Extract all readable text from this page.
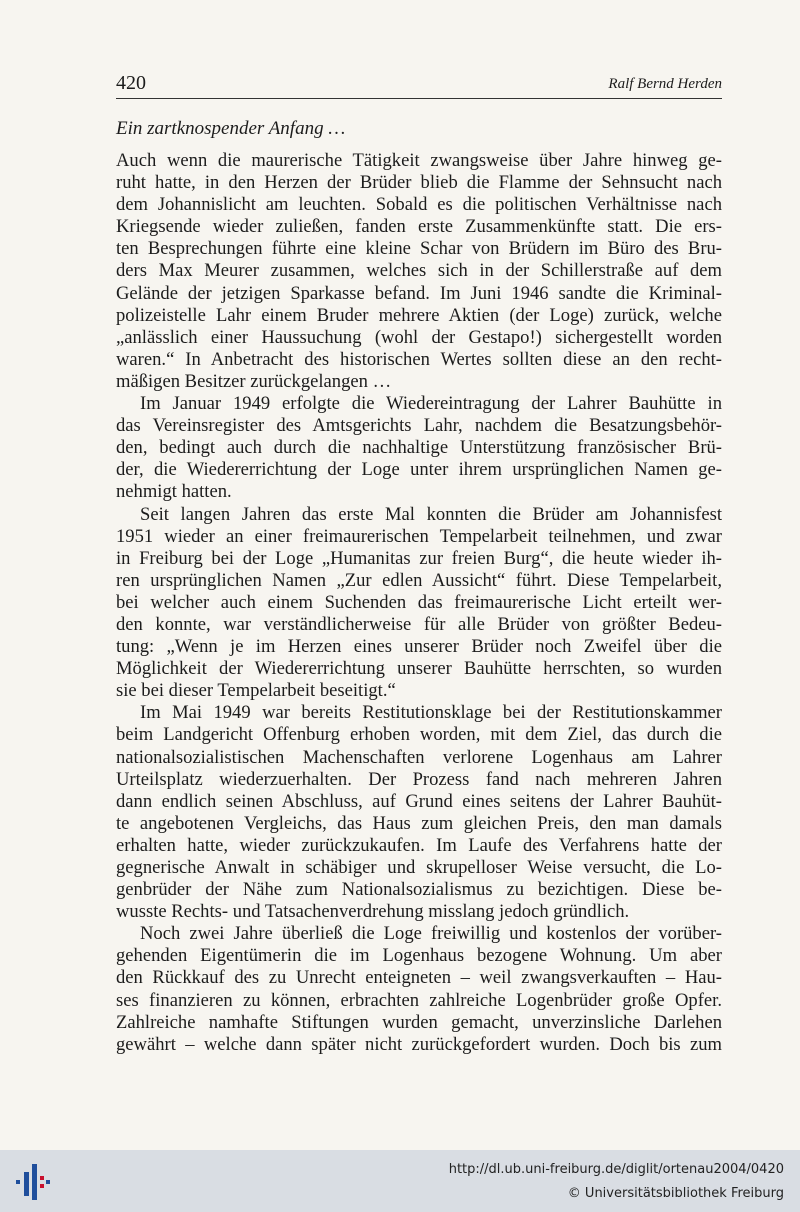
420	Ralf Bernd Herden
Ein zartknospender Anfang …
Auch wenn die maurerische Tätigkeit zwangsweise über Jahre hinweg ge-
ruht hatte, in den Herzen der Brüder blieb die Flamme der Sehnsucht nach
dem Johannislicht am leuchten. Sobald es die politischen Verhältnisse nach
Kriegsende wieder zuließen, fanden erste Zusammenkünfte statt. Die ers-
ten Besprechungen führte eine kleine Schar von Brüdern im Büro des Bru-
ders Max Meurer zusammen, welches sich in der Schillerstraße auf dem
Gelände der jetzigen Sparkasse befand. Im Juni 1946 sandte die Kriminal-
polizeistelle Lahr einem Bruder mehrere Aktien (der Loge) zurück, welche
„anlässlich einer Haussuchung (wohl der Gestapo!) sichergestellt worden
waren.“ In Anbetracht des historischen Wertes sollten diese an den recht-
mäßigen Besitzer zurückgelangen …
Im Januar 1949 erfolgte die Wiedereintragung der Lahrer Bauhütte in
das Vereinsregister des Amtsgerichts Lahr, nachdem die Besatzungsbehör-
den, bedingt auch durch die nachhaltige Unterstützung französischer Brü-
der, die Wiedererrichtung der Loge unter ihrem ursprünglichen Namen ge-
nehmigt hatten.
Seit langen Jahren das erste Mal konnten die Brüder am Johannisfest
1951 wieder an einer freimaurerischen Tempelarbeit teilnehmen, und zwar
in Freiburg bei der Loge „Humanitas zur freien Burg“, die heute wieder ih-
ren ursprünglichen Namen „Zur edlen Aussicht“ führt. Diese Tempelarbeit,
bei welcher auch einem Suchenden das freimaurerische Licht erteilt wer-
den konnte, war verständlicherweise für alle Brüder von größter Bedeu-
tung: „Wenn je im Herzen eines unserer Brüder noch Zweifel über die
Möglichkeit der Wiedererrichtung unserer Bauhütte herrschten, so wurden
sie bei dieser Tempelarbeit beseitigt.“
Im Mai 1949 war bereits Restitutionsklage bei der Restitutionskammer
beim Landgericht Offenburg erhoben worden, mit dem Ziel, das durch die
nationalsozialistischen Machenschaften verlorene Logenhaus am Lahrer
Urteilsplatz wiederzuerhalten. Der Prozess fand nach mehreren Jahren
dann endlich seinen Abschluss, auf Grund eines seitens der Lahrer Bauhüt-
te angebotenen Vergleichs, das Haus zum gleichen Preis, den man damals
erhalten hatte, wieder zurückzukaufen. Im Laufe des Verfahrens hatte der
gegnerische Anwalt in schäbiger und skrupelloser Weise versucht, die Lo-
genbrüder der Nähe zum Nationalsozialismus zu bezichtigen. Diese be-
wusste Rechts- und Tatsachenverdrehung misslang jedoch gründlich.
Noch zwei Jahre überließ die Loge freiwillig und kostenlos der vorüber-
gehenden Eigentümerin die im Logenhaus bezogene Wohnung. Um aber
den Rückkauf des zu Unrecht enteigneten – weil zwangsverkauften – Hau-
ses finanzieren zu können, erbrachten zahlreiche Logenbrüder große Opfer.
Zahlreiche namhafte Stiftungen wurden gemacht, unverzinsliche Darlehen
gewährt – welche dann später nicht zurückgefordert wurden. Doch bis zum
http://dl.ub.uni-freiburg.de/diglit/ortenau2004/0420
© Universitätsbibliothek Freiburg
